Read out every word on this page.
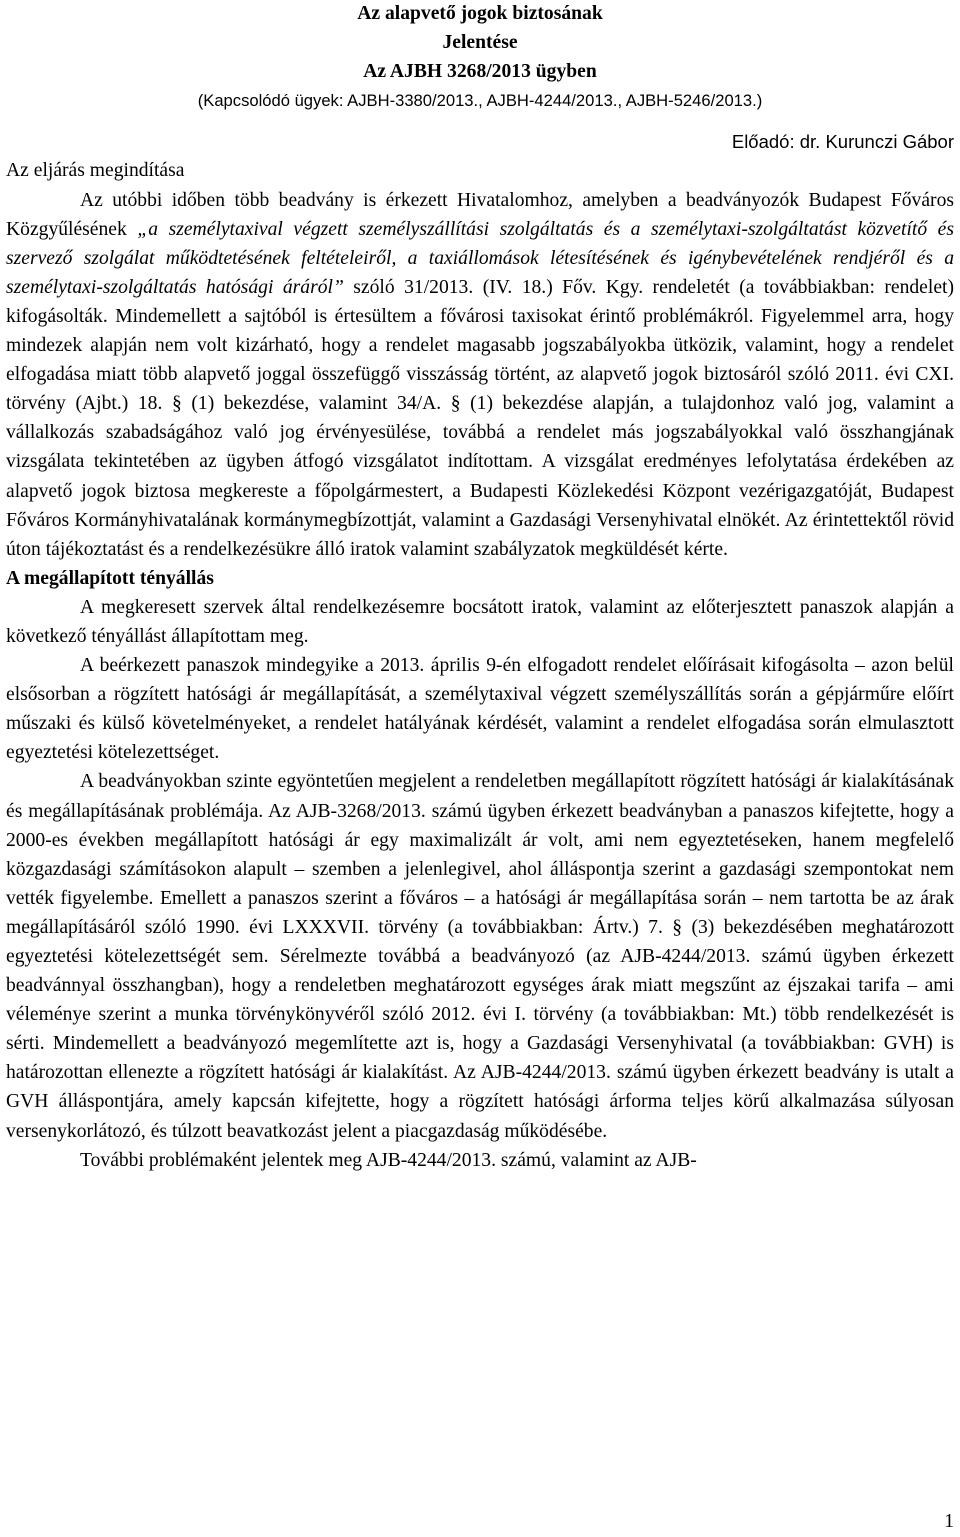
Az alapvető jogok biztosának
Jelentése
Az AJBH 3268/2013 ügyben
(Kapcsolódó ügyek: AJBH-3380/2013., AJBH-4244/2013., AJBH-5246/2013.)
Előadó: dr. Kurunczi Gábor
Az eljárás megindítása

Az utóbbi időben több beadvány is érkezett Hivatalomhoz, amelyben a beadványozók Budapest Főváros Közgyűlésének „a személytaxival végzett személyszállítási szolgáltatás és a személytaxi-szolgáltatást közvetítő és szervező szolgálat működtetésének feltételeiről, a taxiállomások létesítésének és igénybevételének rendjéről és a személytaxi-szolgáltatás hatósági áráról” szóló 31/2013. (IV. 18.) Főv. Kgy. rendeletét (a továbbiakban: rendelet) kifogásolták. Mindemellett a sajtóból is értesültem a fővárosi taxisokat érintő problémákról. Figyelemmel arra, hogy mindezek alapján nem volt kizárható, hogy a rendelet magasabb jogszabályokba ütközik, valamint, hogy a rendelet elfogadása miatt több alapvető joggal összefüggő visszásság történt, az alapvető jogok biztosáról szóló 2011. évi CXI. törvény (Ajbt.) 18. § (1) bekezdése, valamint 34/A. § (1) bekezdése alapján, a tulajdonhoz való jog, valamint a vállalkozás szabadságához való jog érvényesülése, továbbá a rendelet más jogszabályokkal való összhangjának vizsgálata tekintetében az ügyben átfogó vizsgálatot indítottam. A vizsgálat eredményes lefolytatása érdekében az alapvető jogok biztosa megkereste a főpolgármestert, a Budapesti Közlekedési Központ vezérigazgatóját, Budapest Főváros Kormányhivatalának kormánymegbízottját, valamint a Gazdasági Versenyhivatal elnökét. Az érintettektől rövid úton tájékoztatást és a rendelkezésükre álló iratok valamint szabályzatok megküldését kérte.

A megállapított tényállás

A megkeresett szervek által rendelkezésemre bocsátott iratok, valamint az előterjesztett panaszok alapján a következő tényállást állapítottam meg.

A beérkezett panaszok mindegyike a 2013. április 9-én elfogadott rendelet előírásait kifogásolta – azon belül elsősorban a rögzített hatósági ár megállapítását, a személytaxival végzett személyszállítás során a gépjárműre előírt műszaki és külső követelményeket, a rendelet hatályának kérdését, valamint a rendelet elfogadása során elmulasztott egyeztetési kötelezettséget.

A beadványokban szinte egyöntetűen megjelent a rendeletben megállapított rögzített hatósági ár kialakításának és megállapításának problémája. Az AJB-3268/2013. számú ügyben érkezett beadványban a panaszos kifejtette, hogy a 2000-es években megállapított hatósági ár egy maximalizált ár volt, ami nem egyeztetéseken, hanem megfelelő közgazdasági számításokon alapult – szemben a jelenlegivel, ahol álláspontja szerint a gazdasági szempontokat nem vették figyelembe. Emellett a panaszos szerint a főváros – a hatósági ár megállapítása során – nem tartotta be az árak megállapításáról szóló 1990. évi LXXXVII. törvény (a továbbiakban: Ártv.) 7. § (3) bekezdésében meghatározott egyeztetési kötelezettségét sem. Sérelmezte továbbá a beadványozó (az AJB-4244/2013. számú ügyben érkezett beadvánnyal összhangban), hogy a rendeletben meghatározott egységes árak miatt megszűnt az éjszakai tarifa – ami véleménye szerint a munka törvénykönyvéről szóló 2012. évi I. törvény (a továbbiakban: Mt.) több rendelkezését is sérti. Mindemellett a beadványozó megemlítette azt is, hogy a Gazdasági Versenyhivatal (a továbbiakban: GVH) is határozottan ellenezte a rögzített hatósági ár kialakítást. Az AJB-4244/2013. számú ügyben érkezett beadvány is utalt a GVH álláspontjára, amely kapcsán kifejtette, hogy a rögzített hatósági árforma teljes körű alkalmazása súlyosan versenykorlátozó, és túlzott beavatkozást jelent a piacgazdaság működésébe.

További problémaként jelentek meg AJB-4244/2013. számú, valamint az AJB-

1
